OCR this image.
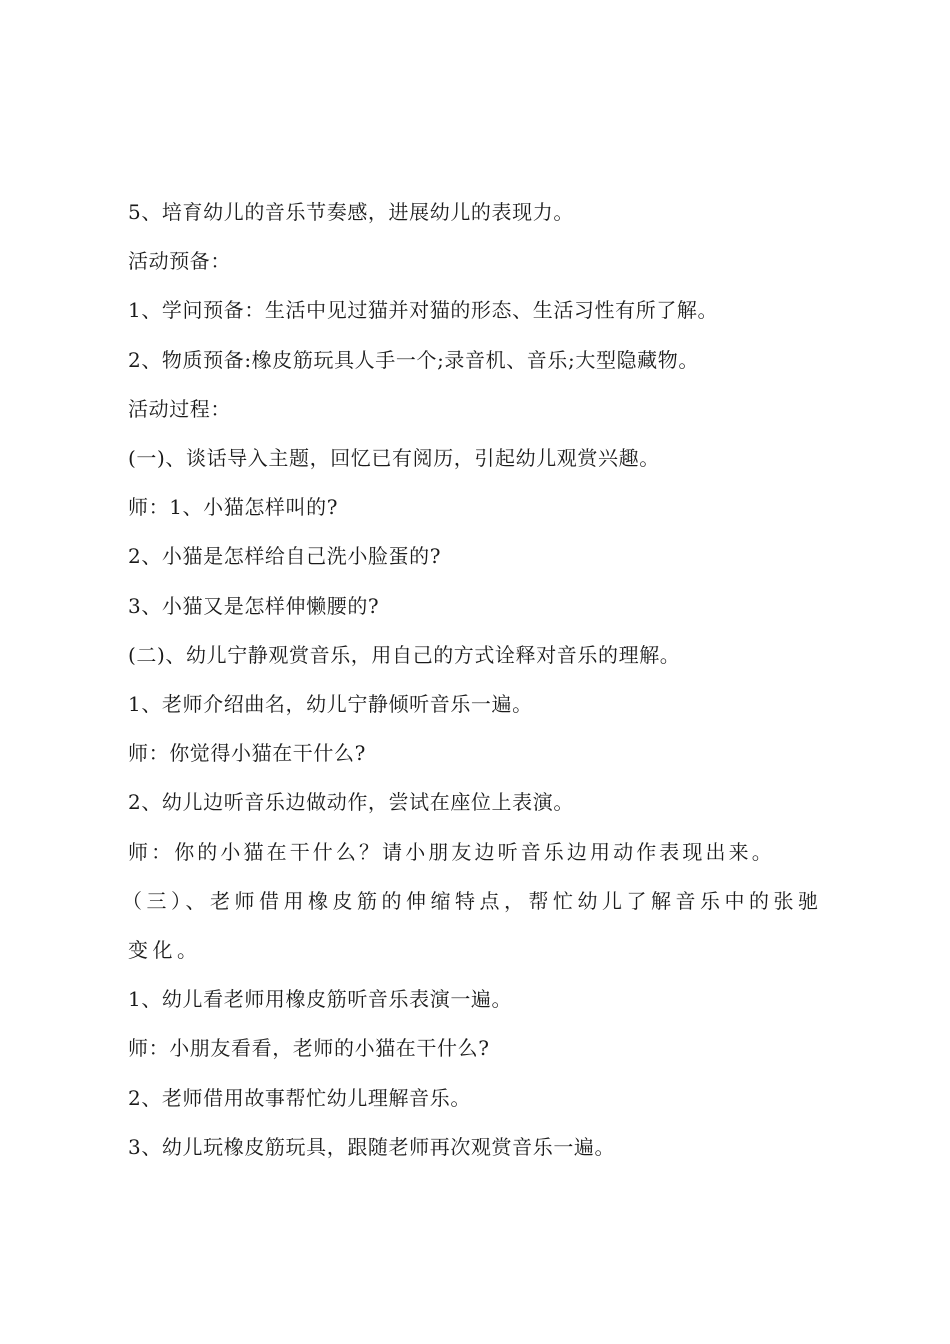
5、培育幼儿的音乐节奏感，进展幼儿的表现力。

活动预备：

1、学问预备：生活中见过猫并对猫的形态、生活习性有所了解。

2、物质预备:橡皮筋玩具人手一个;录音机、音乐;大型隐藏物。

活动过程：

(一)、谈话导入主题，回忆已有阅历，引起幼儿观赏兴趣。

师：1、小猫怎样叫的?

2、小猫是怎样给自己洗小脸蛋的?

3、小猫又是怎样伸懒腰的?

(二)、幼儿宁静观赏音乐，用自己的方式诠释对音乐的理解。

1、老师介绍曲名，幼儿宁静倾听音乐一遍。

师：你觉得小猫在干什么?

2、幼儿边听音乐边做动作，尝试在座位上表演。

师：你的小猫在干什么？请小朋友边听音乐边用动作表现出来。

（三）、老师借用橡皮筋的伸缩特点，帮忙幼儿了解音乐中的张驰变化。

1、幼儿看老师用橡皮筋听音乐表演一遍。

师：小朋友看看，老师的小猫在干什么?

2、老师借用故事帮忙幼儿理解音乐。

3、幼儿玩橡皮筋玩具，跟随老师再次观赏音乐一遍。
